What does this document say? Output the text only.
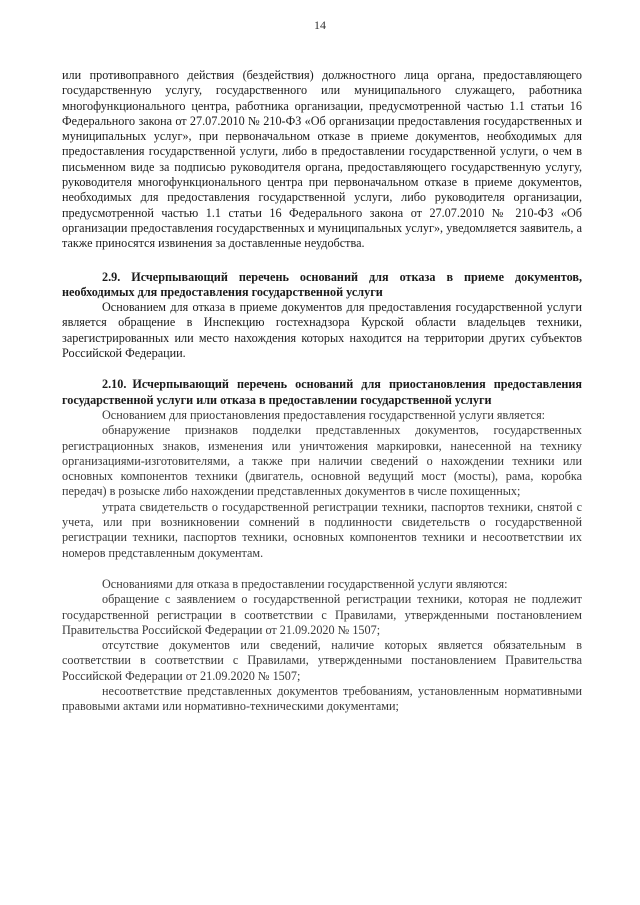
14

или противоправного действия (бездействия) должностного лица органа, предоставляющего государственную услугу, государственного или муниципального служащего, работника многофункционального центра, работника организации, предусмотренной частью 1.1 статьи 16 Федерального закона от 27.07.2010 № 210-ФЗ «Об организации предоставления государственных и муниципальных услуг», при первоначальном отказе в приеме документов, необходимых для предоставления государственной услуги, либо в предоставлении государственной услуги, о чем в письменном виде за подписью руководителя органа, предоставляющего государственную услугу, руководителя многофункционального центра при первоначальном отказе в приеме документов, необходимых для предоставления государственной услуги, либо руководителя организации, предусмотренной частью 1.1 статьи 16 Федерального закона от 27.07.2010 № 210-ФЗ «Об организации предоставления государственных и муниципальных услуг», уведомляется заявитель, а также приносятся извинения за доставленные неудобства.

2.9. Исчерпывающий перечень оснований для отказа в приеме документов, необходимых для предоставления государственной услуги

Основанием для отказа в приеме документов для предоставления государственной услуги является обращение в Инспекцию гостехнадзора Курской области владельцев техники, зарегистрированных или место нахождения которых находится на территории других субъектов Российской Федерации.

2.10. Исчерпывающий перечень оснований для приостановления предоставления государственной услуги или отказа в предоставлении государственной услуги

Основанием для приостановления предоставления государственной услуги является:

обнаружение признаков подделки представленных документов, государственных регистрационных знаков, изменения или уничтожения маркировки, нанесенной на технику организациями-изготовителями, а также при наличии сведений о нахождении техники или основных компонентов техники (двигатель, основной ведущий мост (мосты), рама, коробка передач) в розыске либо нахождении представленных документов в числе похищенных;

утрата свидетельств о государственной регистрации техники, паспортов техники, снятой с учета, или при возникновении сомнений в подлинности свидетельств о государственной регистрации техники, паспортов техники, основных компонентов техники и несоответствии их номеров представленным документам.

Основаниями для отказа в предоставлении государственной услуги являются:

обращение с заявлением о государственной регистрации техники, которая не подлежит государственной регистрации в соответствии с Правилами, утвержденными постановлением Правительства Российской Федерации от 21.09.2020 № 1507;

отсутствие документов или сведений, наличие которых является обязательным в соответствии в соответствии с Правилами, утвержденными постановлением Правительства Российской Федерации от 21.09.2020 № 1507;

несоответствие представленных документов требованиям, установленным нормативными правовыми актами или нормативно-техническими документами;
